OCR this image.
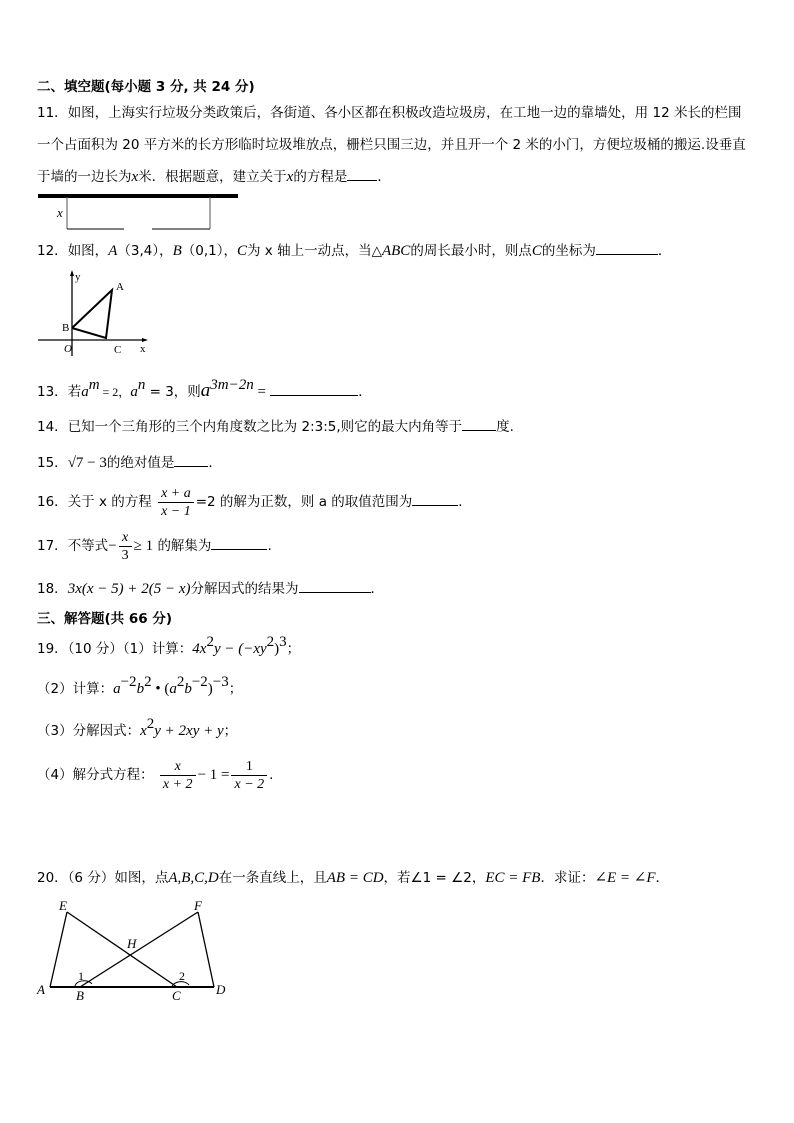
二、填空题(每小题 3 分, 共 24 分)
11．如图，上海实行垃圾分类政策后，各街道、各小区都在积极改造垃圾房，在工地一边的靠墙处，用 12 米长的栏围
一个占面积为 20 平方米的长方形临时垃圾堆放点，栅栏只围三边，并且开一个 2 米的小门，方便垃圾桶的搬运.设垂直
于墙的一边长为x米．根据题意，建立关于x的方程是 ．
x
12．如图，A（3,4），B（0,1），C为 x 轴上一动点，当△ABC的周长最小时，则点C的坐标为	．
y
A
B
O	C x
13．若$a^m = 2$，$a^n = 3$，则$a^{3m-2n}$ =	．
14．已知一个三角形的三个内角度数之比为 2:3:5,则它的最大内角等于	度.
15．√7 − 3的绝对值是	.
16．关于 x 的方程 $\frac{x + a}{x - 1} =2$ 的解为正数，则 a 的取值范围为	．
17．不等式− $\frac{x}{3} \ge 1$ 的解集为	.
18．3x(x − 5) + 2(5 − x)分解因式的结果为	．
三、解答题(共 66 分)
19．（10 分）（1）计算：$4x^2y - (-xy^2)^3$；
（2）计算：$a^{-2}b^2$ • $(a^2b^{-2})^{-3}$；
（3）分解因式：$x^2y + 2xy + y$；
（4）解分式方程： $\frac{x}{x + 2} - 1 = \frac{1}{x - 2}$ .
20．（6 分）如图，点A,B,C,D在一条直线上，且AB = CD，若∠1 = ∠2，EC = FB．求证：∠E = ∠F．
E	F
H
A B	C	D
1	2
